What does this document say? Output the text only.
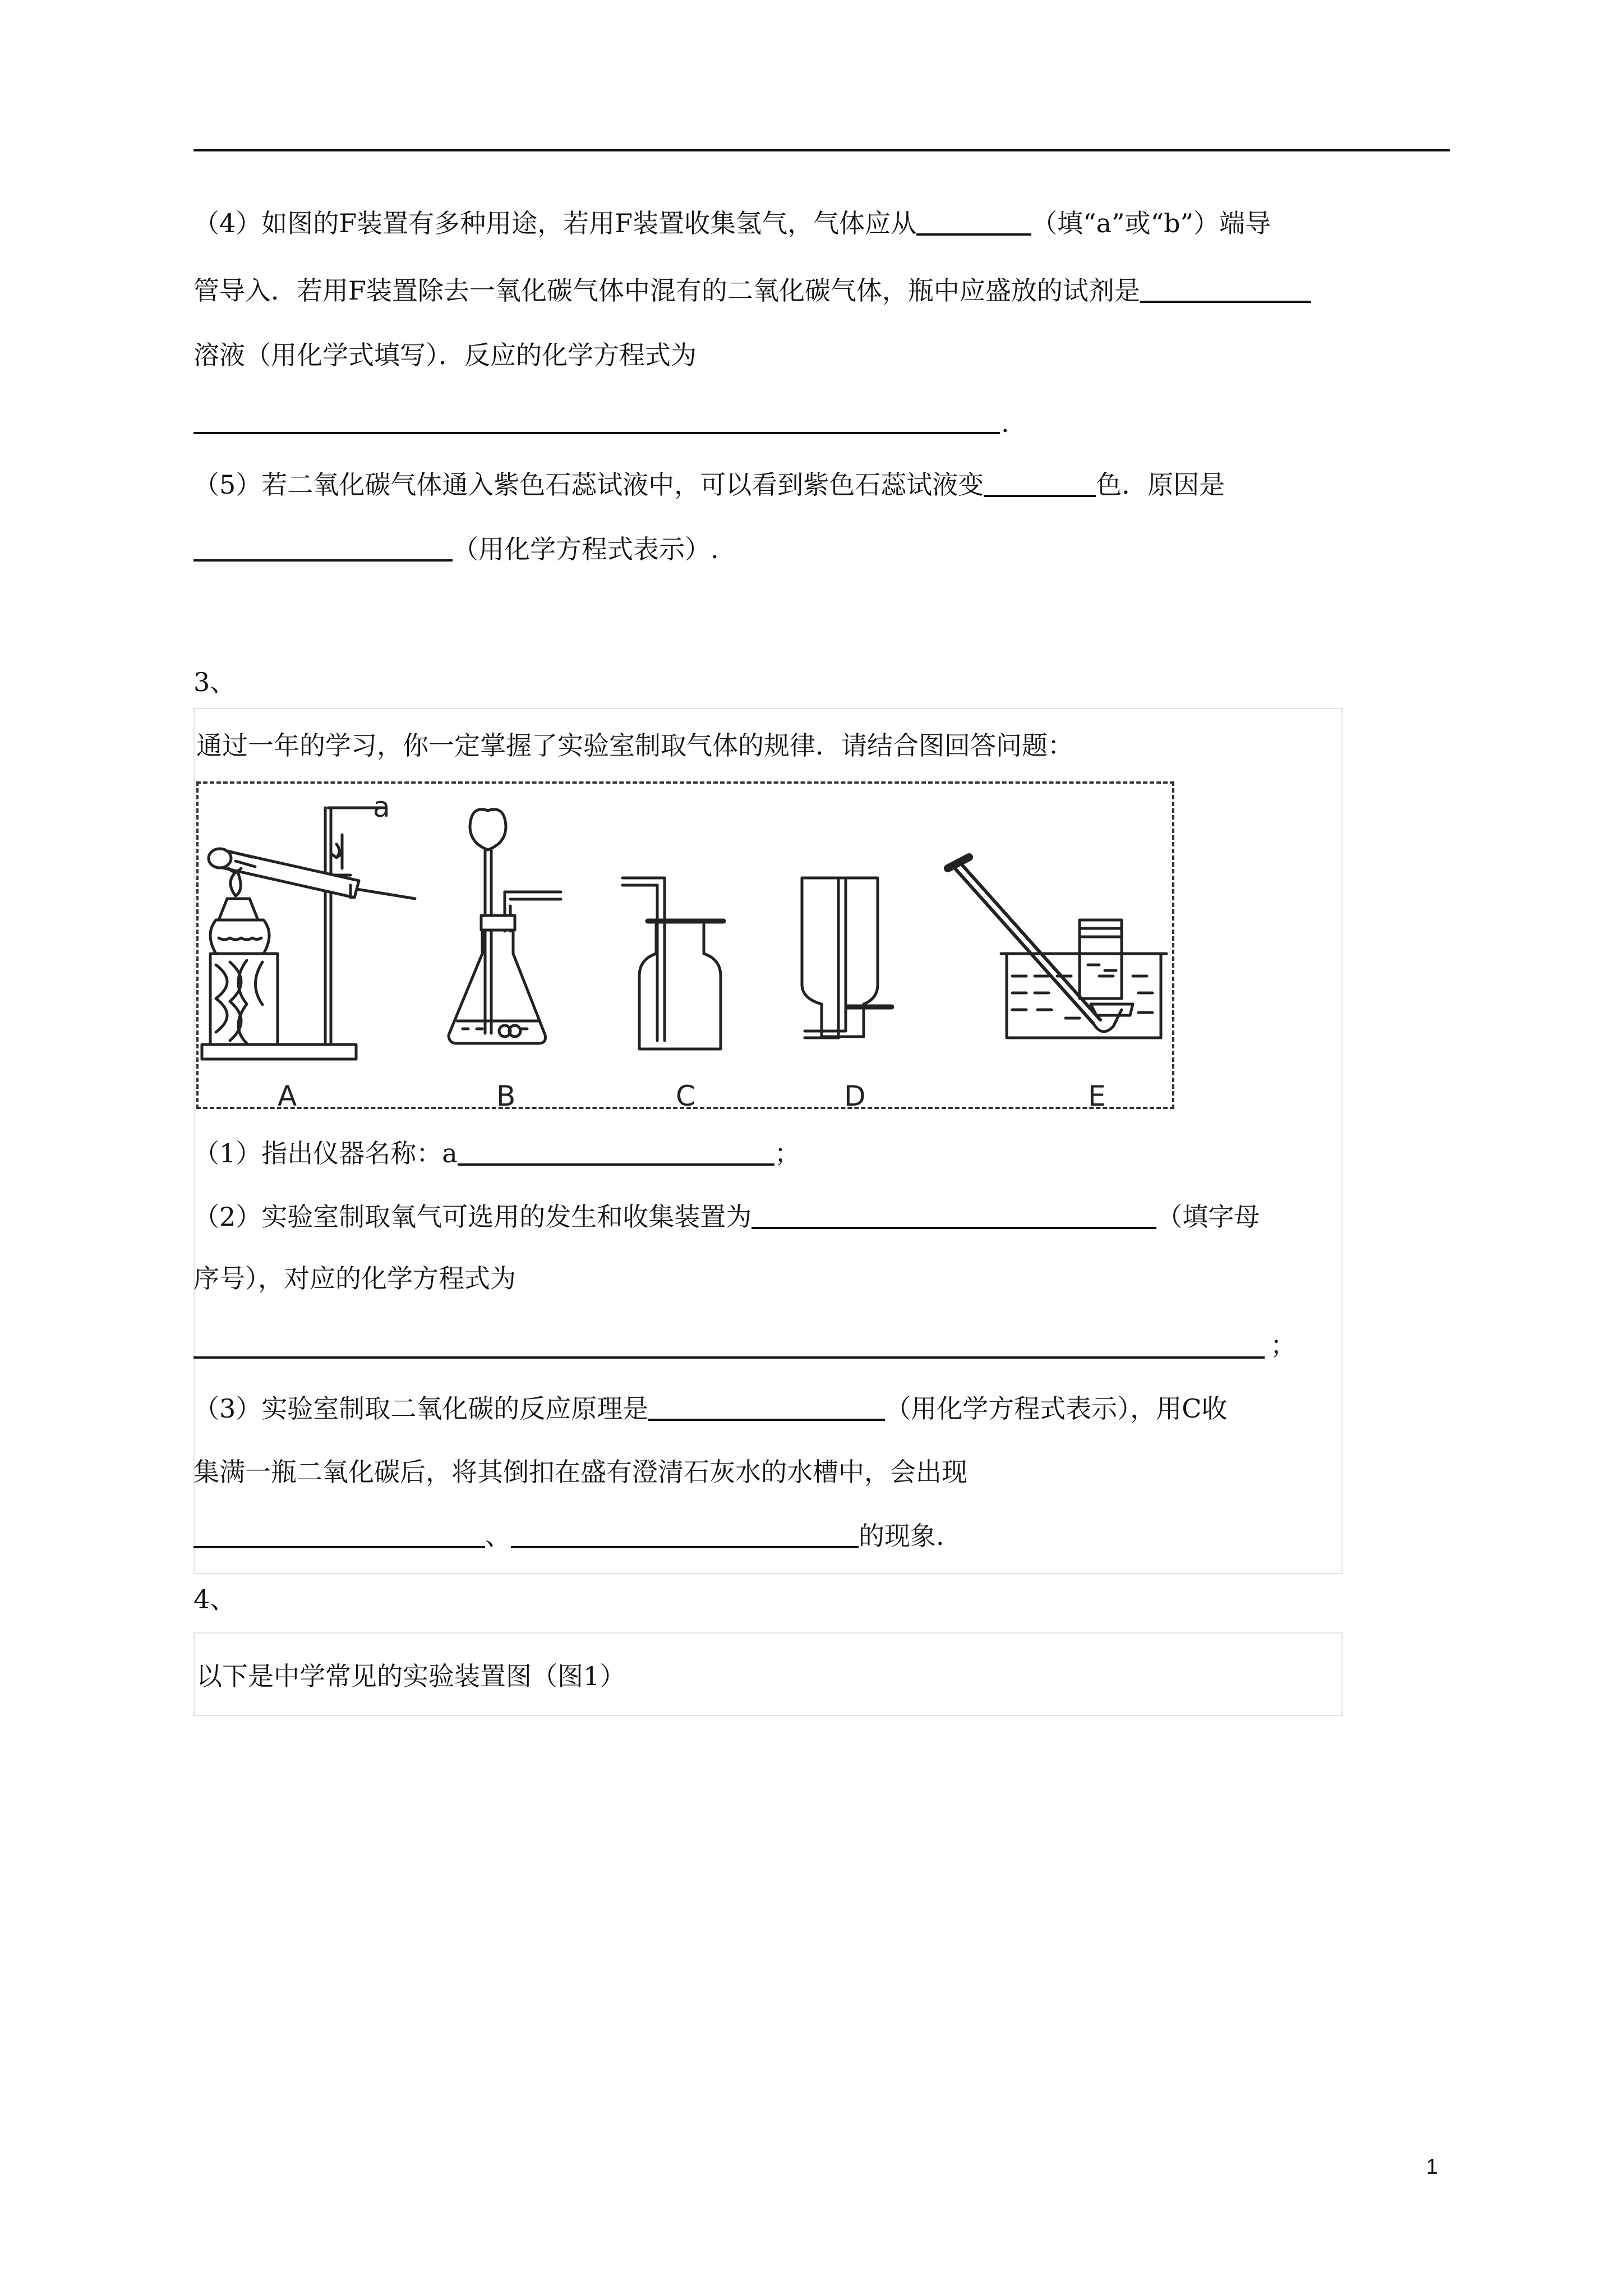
（4）如图的F装置有多种用途，若用F装置收集氢气，气体应从	（填“a”或“b”）端导
管导入．若用F装置除去一氧化碳气体中混有的二氧化碳气体，瓶中应盛放的试剂是
溶液（用化学式填写）．反应的化学方程式为
.
（5）若二氧化碳气体通入紫色石蕊试液中，可以看到紫色石蕊试液变	色．原因是
（用化学方程式表示）.
3、
通过一年的学习，你一定掌握了实验室制取气体的规律．请结合图回答问题：
a
A	B	C	D	E
（1）指出仪器名称：a	；
（2）实验室制取氧气可选用的发生和收集装置为	（填字母
序号），对应的化学方程式为
；
（3）实验室制取二氧化碳的反应原理是	（用化学方程式表示），用C收
集满一瓶二氧化碳后，将其倒扣在盛有澄清石灰水的水槽中，会出现
、	的现象.
4、
以下是中学常见的实验装置图（图1）
1
